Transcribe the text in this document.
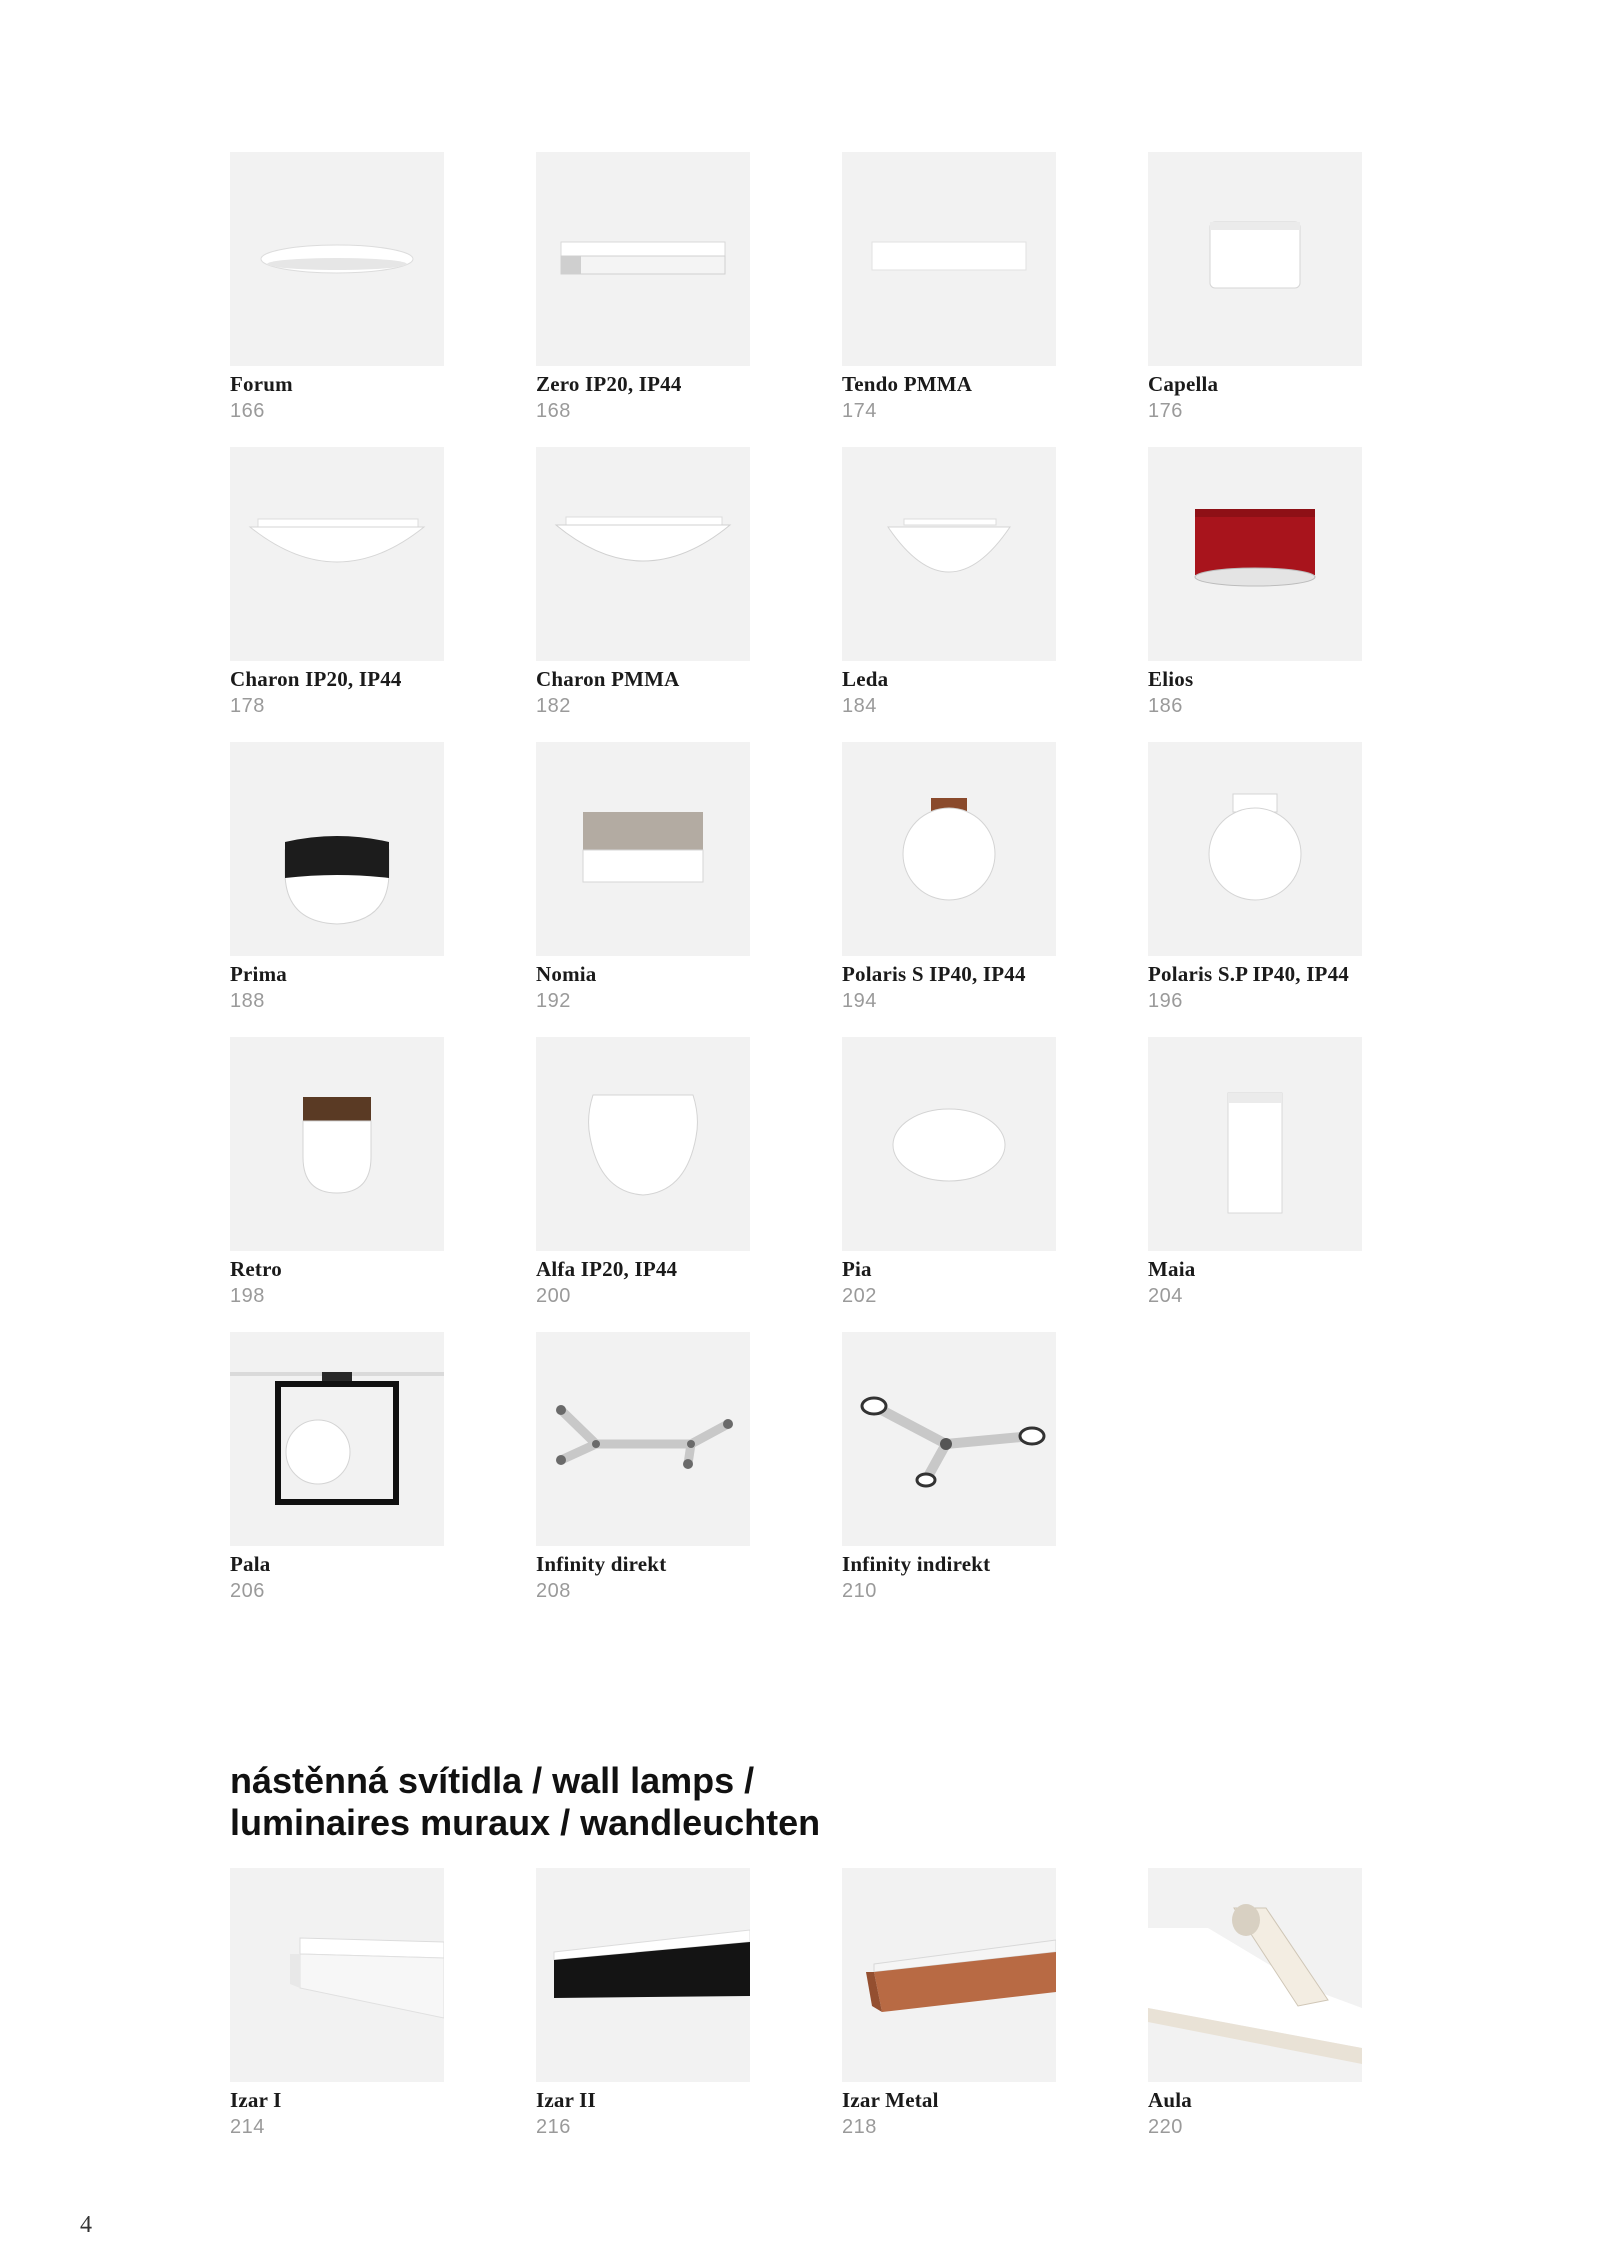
Forum
166
Zero IP20, IP44
168
Tendo PMMA
174
Capella
176
Charon IP20, IP44
178
Charon PMMA
182
Leda
184
Elios
186
Prima
188
Nomia
192
Polaris S IP40, IP44
194
Polaris S.P IP40, IP44
196
Retro
198
Alfa IP20, IP44
200
Pia
202
Maia
204
Pala
206
Infinity direkt
208
Infinity indirekt
210
nástěnná svítidla / wall lamps /
luminaires muraux / wandleuchten
Izar I
214
Izar II
216
Izar Metal
218
Aula
220
4
